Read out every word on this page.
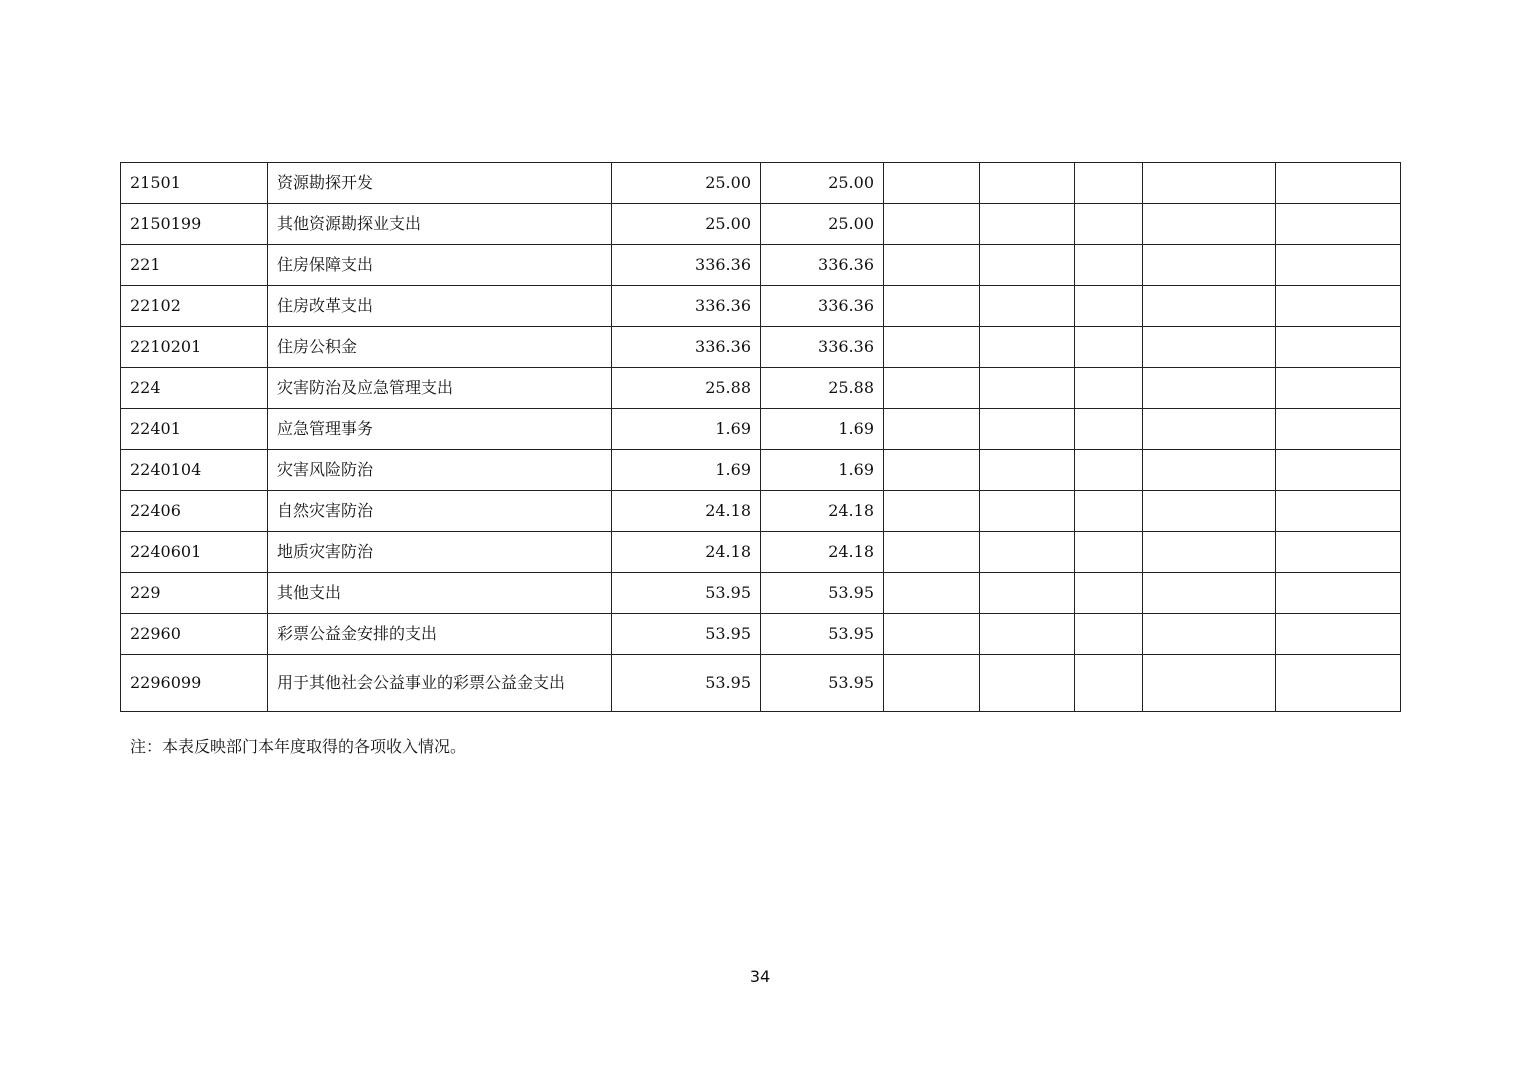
21501	资源勘探开发	25.00	25.00					
2150199	其他资源勘探业支出	25.00	25.00					
221	住房保障支出	336.36	336.36					
22102	住房改革支出	336.36	336.36					
2210201	住房公积金	336.36	336.36					
224	灾害防治及应急管理支出	25.88	25.88					
22401	应急管理事务	1.69	1.69					
2240104	灾害风险防治	1.69	1.69					
22406	自然灾害防治	24.18	24.18					
2240601	地质灾害防治	24.18	24.18					
229	其他支出	53.95	53.95					
22960	彩票公益金安排的支出	53.95	53.95					
2296099	用于其他社会公益事业的彩票公益金支出	53.95	53.95					
注：本表反映部门本年度取得的各项收入情况。
34
